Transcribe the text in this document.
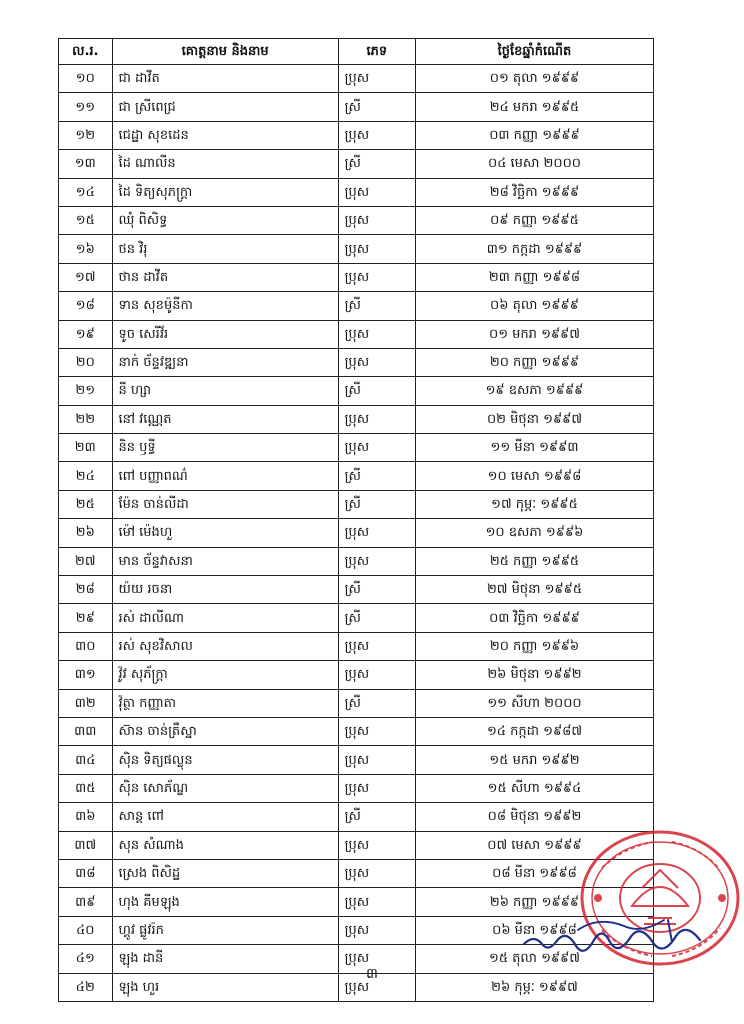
ល.រ.	គោត្តនាម និងនាម	ភេទ	ថ្ងៃខែឆ្នាំកំណើត
១០	ជា ដាវីត	ប្រុស	០១ តុលា ១៩៩៩
១១	ជា ស្រីពេជ្រ	ស្រី	២៤ មករា ១៩៩៥
១២	ជេដ្ឋា សុខដេន	ប្រុស	០៣ កញ្ញា ១៩៩៩
១៣	ដៃ ណាលីន	ស្រី	០៤ មេសា ២០០០
១៤	ដៃ ទិត្យសុភក្ត្រា	ប្រុស	២៨ វិច្ឆិកា ១៩៩៩
១៥	ឈុំ ពិសិទ្ធ	ប្រុស	០៩ កញ្ញា ១៩៩៥
១៦	ថន វិរុ	ប្រុស	៣១ កក្កដា ១៩៩៩
១៧	ថាន ដាវីត	ប្រុស	២៣ កញ្ញា ១៩៩៨
១៨	ទាន សុខម៉ូនីកា	ស្រី	០៦ តុលា ១៩៩៩
១៩	ទូច សេរីវ័រ	ប្រុស	០១ មករា ១៩៩៧
២០	នាក់ ច័ន្ទវឌ្ឍនា	ប្រុស	២០ កញ្ញា ១៩៩៩
២១	នី ហ្សា	ស្រី	១៩ ឧសភា ១៩៩៩
២២	នៅ វណ្ណេត	ប្រុស	០២ មិថុនា ១៩៩៧
២៣	និន ឫទ្ធី	ប្រុស	១១ មីនា ១៩៩៣
២៤	ពៅ បញ្ញាពណ៌	ស្រី	១០ មេសា ១៩៩៨
២៥	ម៉ែន ចាន់លីដា	ស្រី	១៧ កុម្ភៈ ១៩៩៥
២៦	ម៉ៅ ម៉េងហួ	ប្រុស	១០ ឧសភា ១៩៩៦
២៧	មាន ច័ន្ទវាសនា	ប្រុស	២៥ កញ្ញា ១៩៩៥
២៨	យ៉យ រចនា	ស្រី	២៧ មិថុនា ១៩៩៥
២៩	រស់ ដាលីណា	ស្រី	០៣ វិច្ឆិកា ១៩៩៩
៣០	រស់ សុខវិសាល	ប្រុស	២០ កញ្ញា ១៩៩៦
៣១	វ៉ូវ សុភ័ក្ត្រា	ប្រុស	២៦ មិថុនា ១៩៩២
៣២	វ៉ុត្ថា កញ្ញាតា	ស្រី	១១ សីហា ២០០០
៣៣	ស៊ាន ចាន់ត្រឹស្នា	ប្រុស	១៤ កក្កដា ១៩៨៧
៣៤	ស៊ិន ទិត្យផល្លុន	ប្រុស	១៥ មករា ១៩៩២
៣៥	ស៊ិន សោភ័ណ្ឌ	ប្រុស	១៥ សីហា ១៩៩៤
៣៦	សាន្ត ពៅ	ស្រី	០៨ មិថុនា ១៩៩២
៣៧	សុន សំណាង	ប្រុស	០៧ មេសា ១៩៩៩
៣៨	ស្រេង ពិសិដ្ឋ	ប្រុស	០៨ មីនា ១៩៩៨
៣៩	ហុង គីមឡុង	ប្រុស	២៦ កញ្ញា ១៩៩៩
៤០	ហ្គូវ ផ្លូវរ៉ក	ប្រុស	០៦ មីនា ១៩៩៨
៤១	ឡុង ដានី	ប្រុស	១៥ តុលា ១៩៩៧
៤២	ឡុង ហួរ	ប្រុស	២៦ កុម្ភៈ ១៩៩៧
៣
